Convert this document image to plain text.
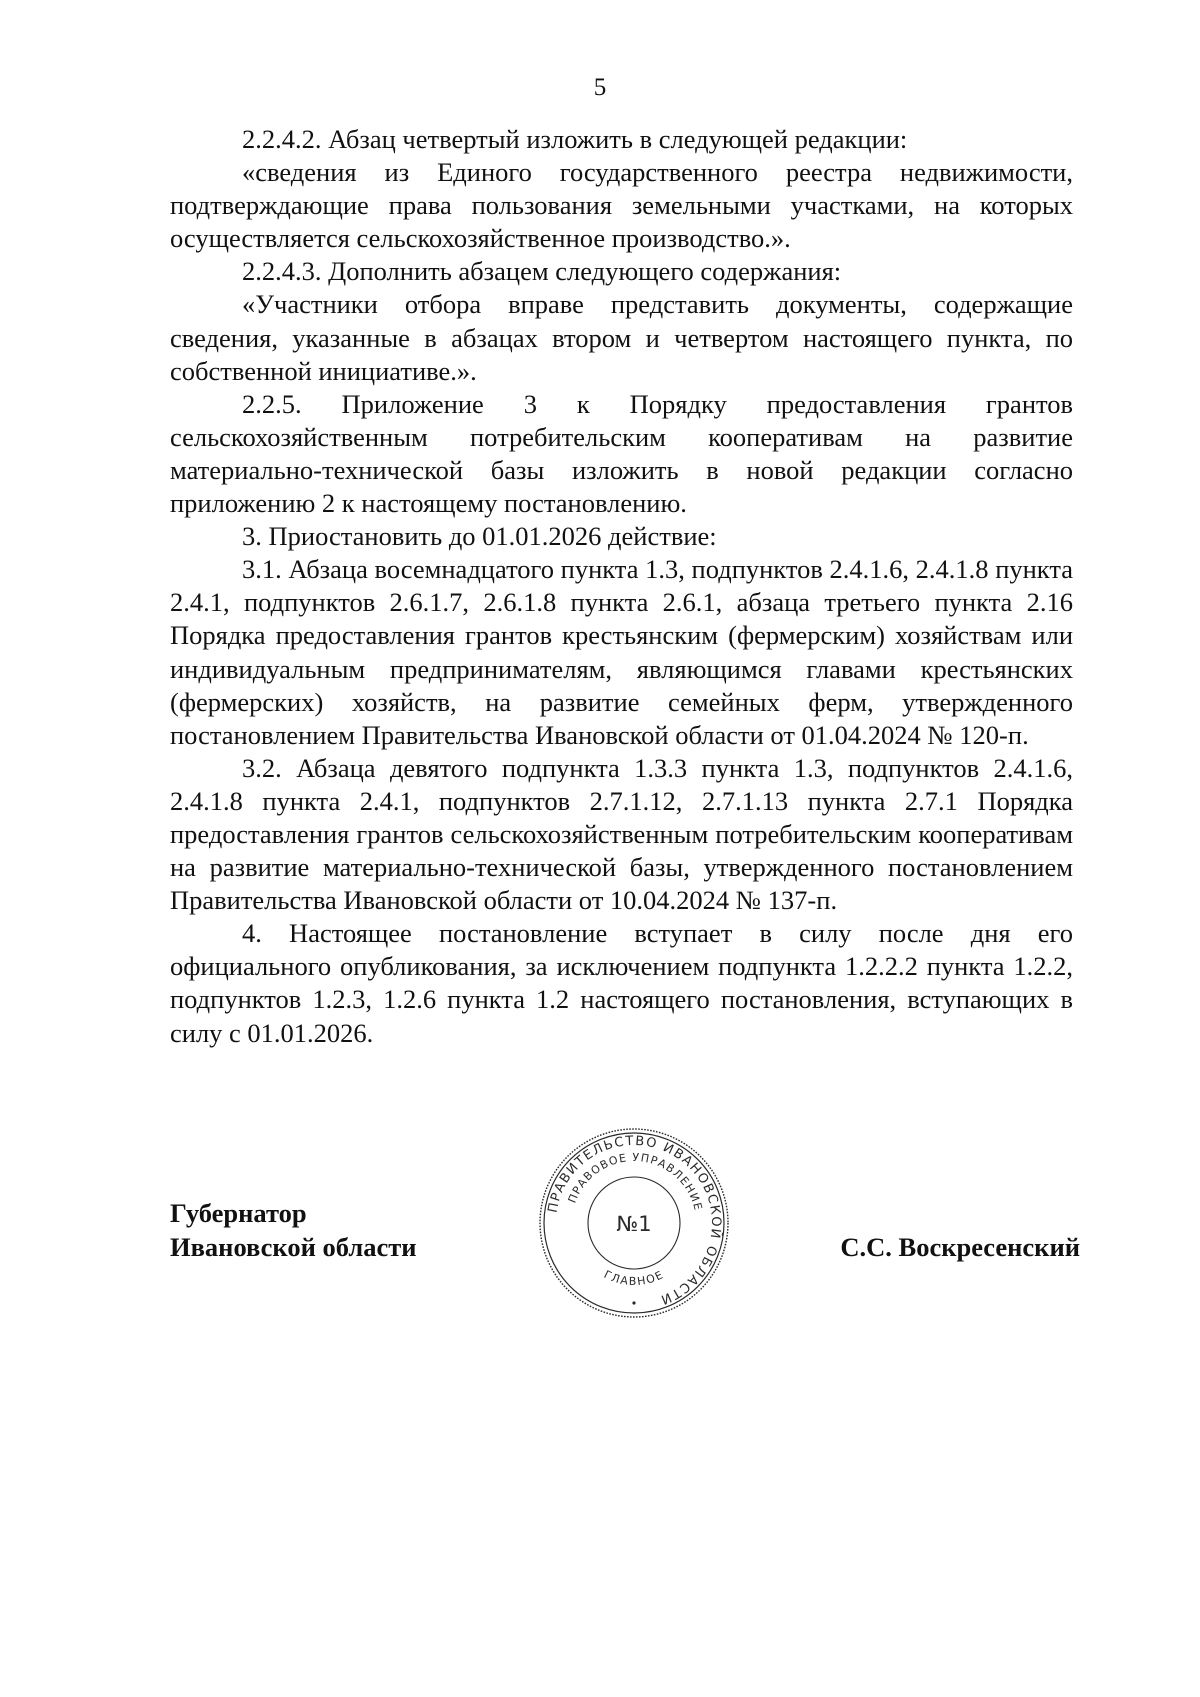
5

2.2.4.2. Абзац четвертый изложить в следующей редакции:

«сведения из Единого государственного реестра недвижимости, подтверждающие права пользования земельными участками, на которых осуществляется сельскохозяйственное производство.».

2.2.4.3. Дополнить абзацем следующего содержания:

«Участники отбора вправе представить документы, содержащие сведения, указанные в абзацах втором и четвертом настоящего пункта, по собственной инициативе.».

2.2.5. Приложение 3 к Порядку предоставления грантов сельскохозяйственным потребительским кооперативам на развитие материально-технической базы изложить в новой редакции согласно приложению 2 к настоящему постановлению.

3. Приостановить до 01.01.2026 действие:

3.1. Абзаца восемнадцатого пункта 1.3, подпунктов 2.4.1.6, 2.4.1.8 пункта 2.4.1, подпунктов 2.6.1.7, 2.6.1.8 пункта 2.6.1, абзаца третьего пункта 2.16 Порядка предоставления грантов крестьянским (фермерским) хозяйствам или индивидуальным предпринимателям, являющимся главами крестьянских (фермерских) хозяйств, на развитие семейных ферм, утвержденного постановлением Правительства Ивановской области от 01.04.2024 № 120-п.

3.2. Абзаца девятого подпункта 1.3.3 пункта 1.3, подпунктов 2.4.1.6, 2.4.1.8 пункта 2.4.1, подпунктов 2.7.1.12, 2.7.1.13 пункта 2.7.1 Порядка предоставления грантов сельскохозяйственным потребительским кооперативам на развитие материально-технической базы, утвержденного постановлением Правительства Ивановской области от 10.04.2024 № 137-п.

4. Настоящее постановление вступает в силу после дня его официального опубликования, за исключением подпункта 1.2.2.2 пункта 1.2.2, подпунктов 1.2.3, 1.2.6 пункта 1.2 настоящего постановления, вступающих в силу с 01.01.2026.

Губернатор
Ивановской области	С.С. Воскресенский
ПРАВИТЕЛЬСТВО ИВАНОВСКОЙ ОБЛАСТИ
ПРАВОВОЕ УПРАВЛЕНИЕ
ГЛАВНОЕ
№1
